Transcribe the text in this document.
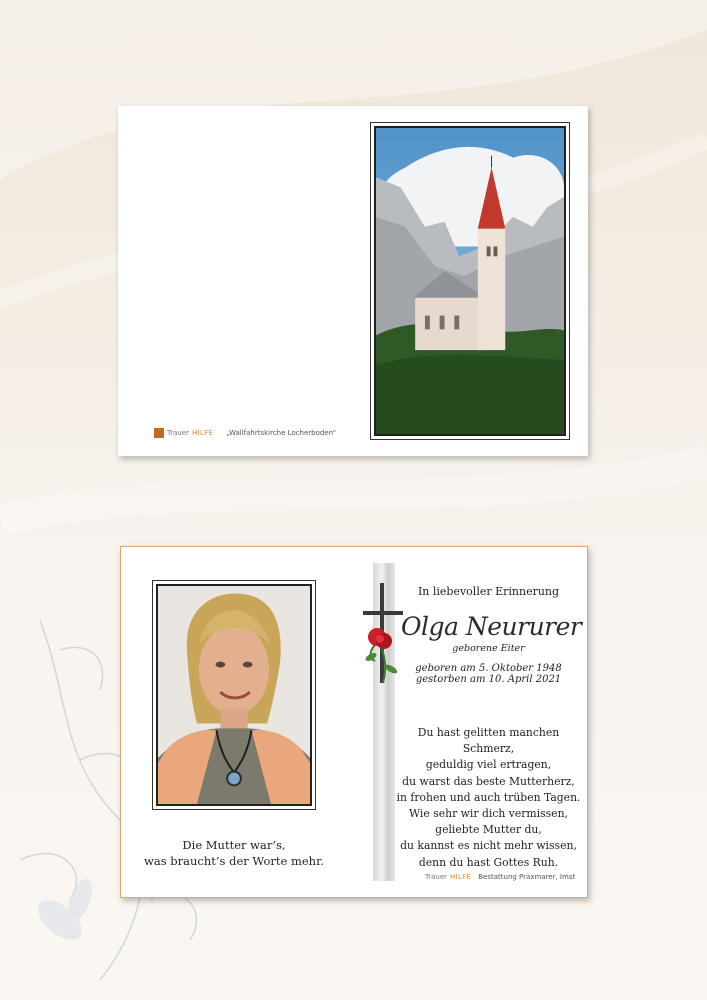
Trauer HILFE „Wallfahrtskirche Locherboden“
Die Mutter war’s,
was braucht’s der Worte mehr.
In liebevoller Erinnerung
Olga Neururer
geborene Eiter
geboren am 5. Oktober 1948
gestorben am 10. April 2021
Du hast gelitten manchen Schmerz,
geduldig viel ertragen,
du warst das beste Mutterherz,
in frohen und auch trüben Tagen.
Wie sehr wir dich vermissen,
geliebte Mutter du,
du kannst es nicht mehr wissen,
denn du hast Gottes Ruh.
Trauer HILFE Bestattung Praxmarer, Imst
